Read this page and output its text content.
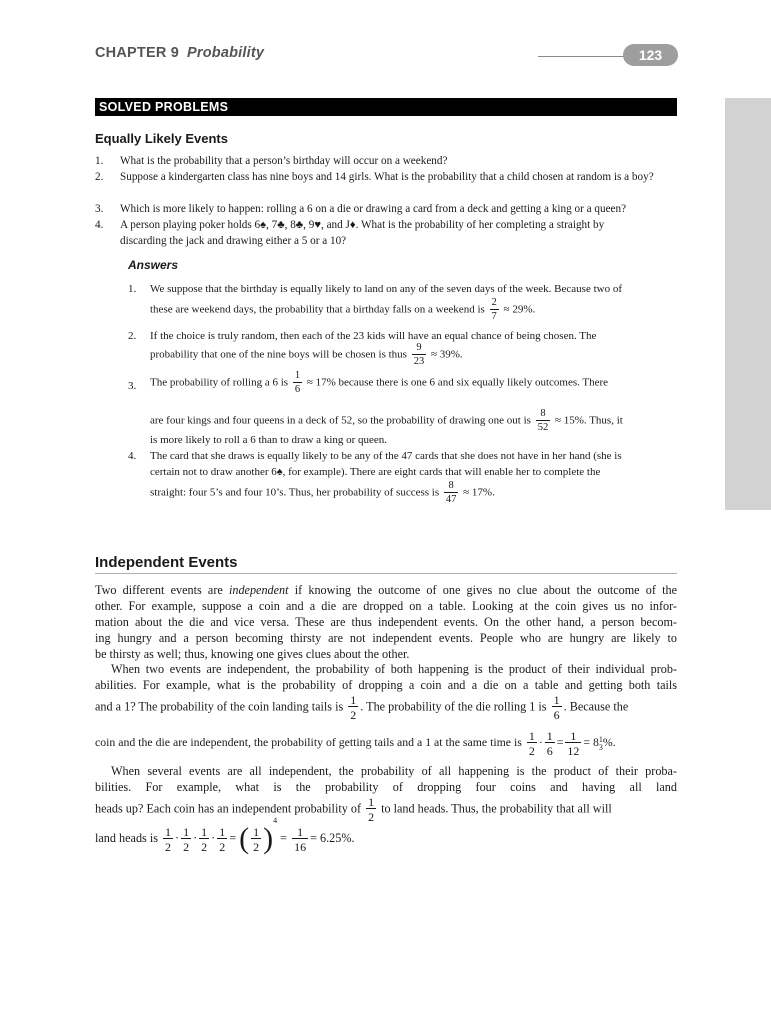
CHAPTER 9 Probability	123
SOLVED PROBLEMS
Equally Likely Events
1. What is the probability that a person’s birthday will occur on a weekend?
2. Suppose a kindergarten class has nine boys and 14 girls. What is the probability that a child chosen at random is a boy?
3. Which is more likely to happen: rolling a 6 on a die or drawing a card from a deck and getting a king or a queen?
4. A person playing poker holds 6♠, 7♣, 8♣, 9♥, and J♦. What is the probability of her completing a straight by
discarding the jack and drawing either a 5 or a 10?
Answers
1. We suppose that the birthday is equally likely to land on any of the seven days of the week. Because two of
these are weekend days, the probability that a birthday falls on a weekend is $\frac{2}{7} \approx 29\%$.
2. If the choice is truly random, then each of the 23 kids will have an equal chance of being chosen. The
probability that one of the nine boys will be chosen is thus $\frac{9}{23} \approx 39\%$.
3. The probability of rolling a 6 is $\frac{1}{6} \approx 17\%$ because there is one 6 and six equally likely outcomes. There
are four kings and four queens in a deck of 52, so the probability of drawing one out is $\frac{8}{52} \approx 15\%$. Thus, it
is more likely to roll a 6 than to draw a king or queen.
4. The card that she draws is equally likely to be any of the 47 cards that she does not have in her hand (she is
certain not to draw another 6♠, for example). There are eight cards that will enable her to complete the
straight: four 5’s and four 10’s. Thus, her probability of success is $\frac{8}{47} \approx 17\%$.
Independent Events
Two different events are independent if knowing the outcome of one gives no clue about the outcome of the
other. For example, suppose a coin and a die are dropped on a table. Looking at the coin gives us no infor-
mation about the die and vice versa. These are thus independent events. On the other hand, a person becom-
ing hungry and a person becoming thirsty are not independent events. People who are hungry are likely to
be thirsty as well; thus, knowing one gives clues about the other.
When two events are independent, the probability of both happening is the product of their individual prob-
abilities. For example, what is the probability of dropping a coin and a die on a table and getting both tails
and a 1? The probability of the coin landing tails is $\frac{1}{2}$ . The probability of the die rolling 1 is $\frac{1}{6}$ . Because the
coin and the die are independent, the probability of getting tails and a 1 at the same time is $\frac{1}{2} \cdot \frac{1}{6} = \frac{1}{12} = 8$ 1
3 %.
When several events are all independent, the probability of all happening is the product of their proba-
bilities. For example, what is the probability of dropping four coins and having all land
heads up? Each coin has an independent probability of $\frac{1}{2}$ to land heads. Thus, the probability that all will
land heads is $\frac{1}{2} \cdot \frac{1}{2} \cdot \frac{1}{2} \cdot \frac{1}{2}$ = ( $\frac{1}{2} )^4 = \frac{1}{16} = 6.25\%$.
